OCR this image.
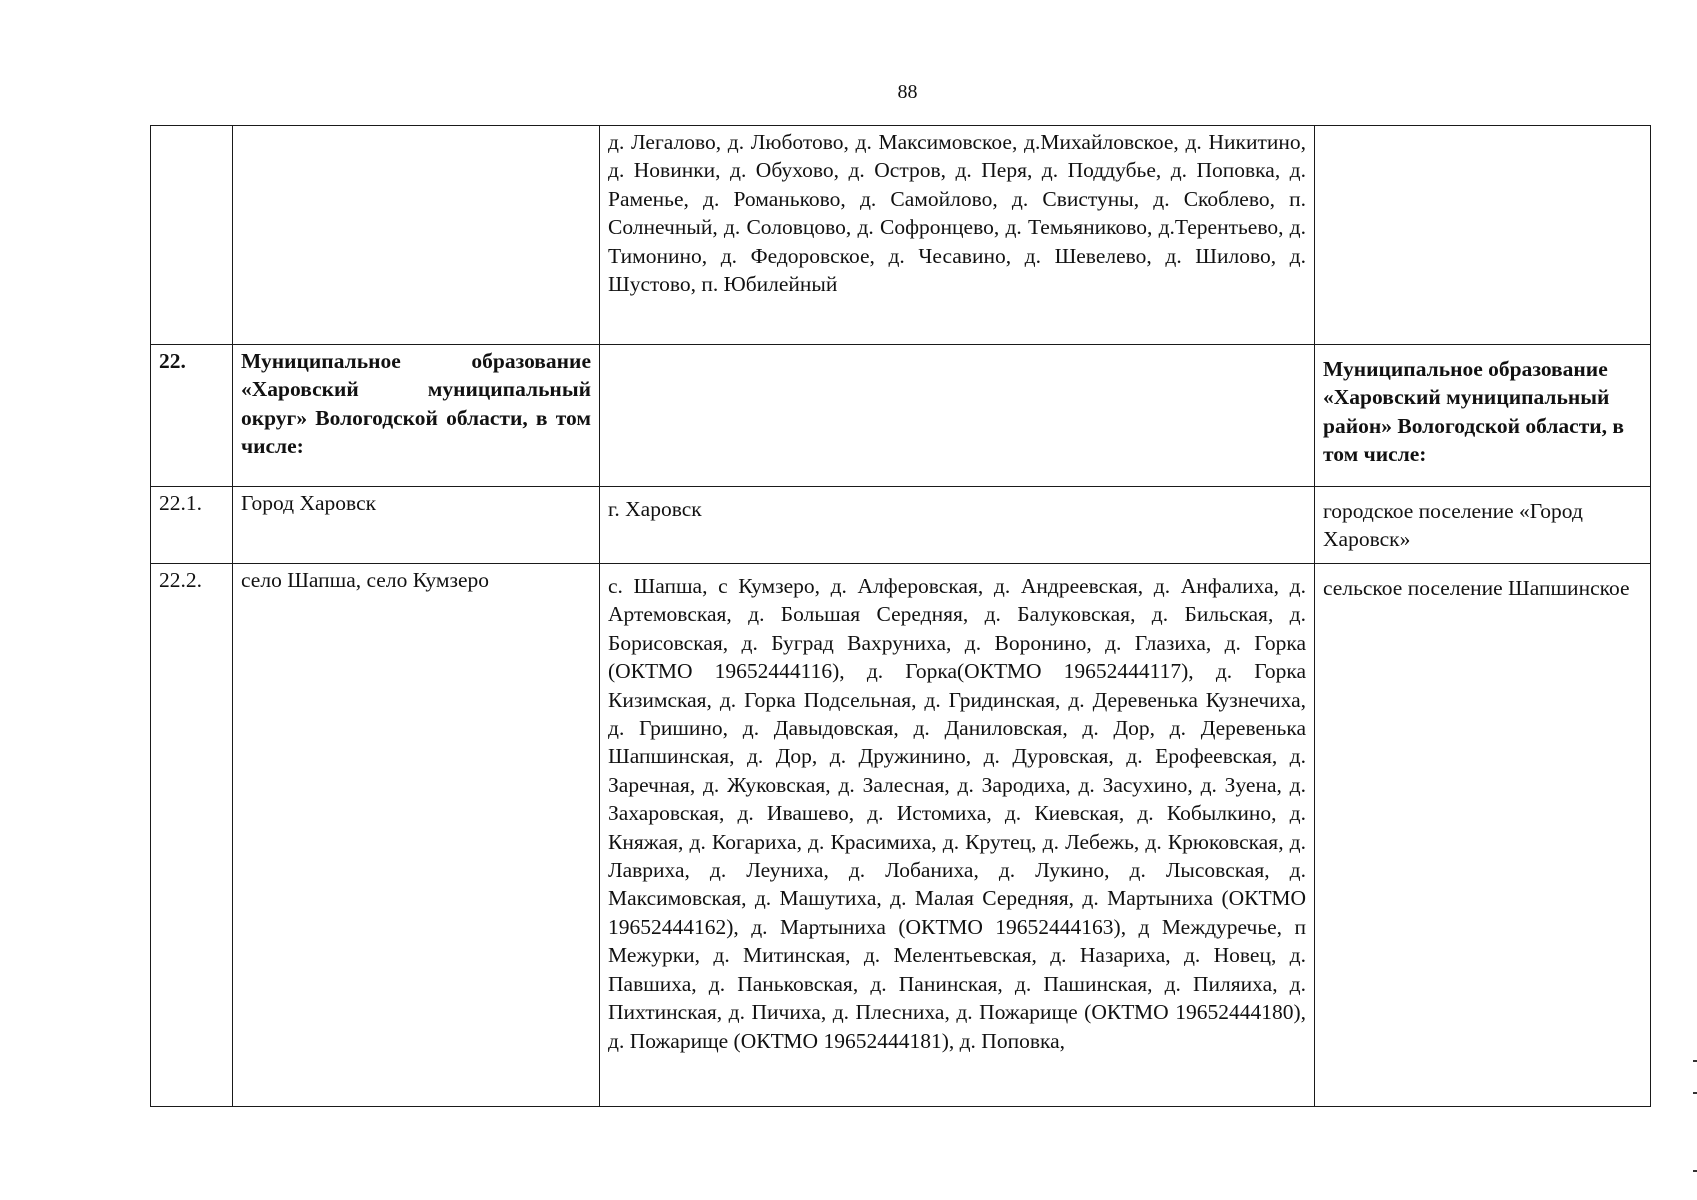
88
		д. Легалово, д. Люботово, д. Максимовское, д.Михайловское, д. Никитино, д. Новинки, д. Обухово, д. Остров, д. Перя, д. Поддубье, д. Поповка, д. Раменье, д. Романьково, д. Самойлово, д. Свистуны, д. Скоблево, п. Солнечный, д. Соловцово, д. Софронцево, д. Темьяниково, д.Терентьево, д. Тимонино, д. Федоровское, д. Чесавино, д. Шевелево, д. Шилово, д. Шустово, п. Юбилейный	
22.	Муниципальное образование «Харовский муниципальный округ» Вологодской области, в том числе:		Муниципальное образование «Харовский муниципальный район» Вологодской области, в том числе:
22.1.	Город Харовск	г. Харовск	городское поселение «Город Харовск»
22.2.	село Шапша, село Кумзеро	с. Шапша, с Кумзеро, д. Алферовская, д. Андреевская, д. Анфалиха, д. Артемовская, д. Большая Середняя, д. Балуковская, д. Бильская, д. Борисовская, д. Буград Вахруниха, д. Воронино, д. Глазиха, д. Горка (ОКТМО 19652444116), д. Горка(ОКТМО 19652444117), д. Горка Кизимская, д. Горка Подсельная, д. Гридинская, д. Деревенька Кузнечиха, д. Гришино, д. Давыдовская, д. Даниловская, д. Дор, д. Деревенька Шапшинская, д. Дор, д. Дружинино, д. Дуровская, д. Ерофеевская, д. Заречная, д. Жуковская, д. Залесная, д. Зародиха, д. Засухино, д. Зуена, д. Захаровская, д. Ивашево, д. Истомиха, д. Киевская, д. Кобылкино, д. Княжая, д. Когариха, д. Красимиха, д. Крутец, д. Лебежь, д. Крюковская, д. Лавриха, д. Леуниха, д. Лобаниха, д. Лукино, д. Лысовская, д. Максимовская, д. Машутиха, д. Малая Середняя, д. Мартыниха (ОКТМО 19652444162), д. Мартыниха (ОКТМО 19652444163), д Междуречье, п Межурки, д. Митинская, д. Мелентьевская, д. Назариха, д. Новец, д. Павшиха, д. Паньковская, д. Панинская, д. Пашинская, д. Пиляиха, д. Пихтинская, д. Пичиха, д. Плесниха, д. Пожарище (ОКТМО 19652444180), д. Пожарище (ОКТМО 19652444181), д. Поповка,	сельское поселение Шапшинское
